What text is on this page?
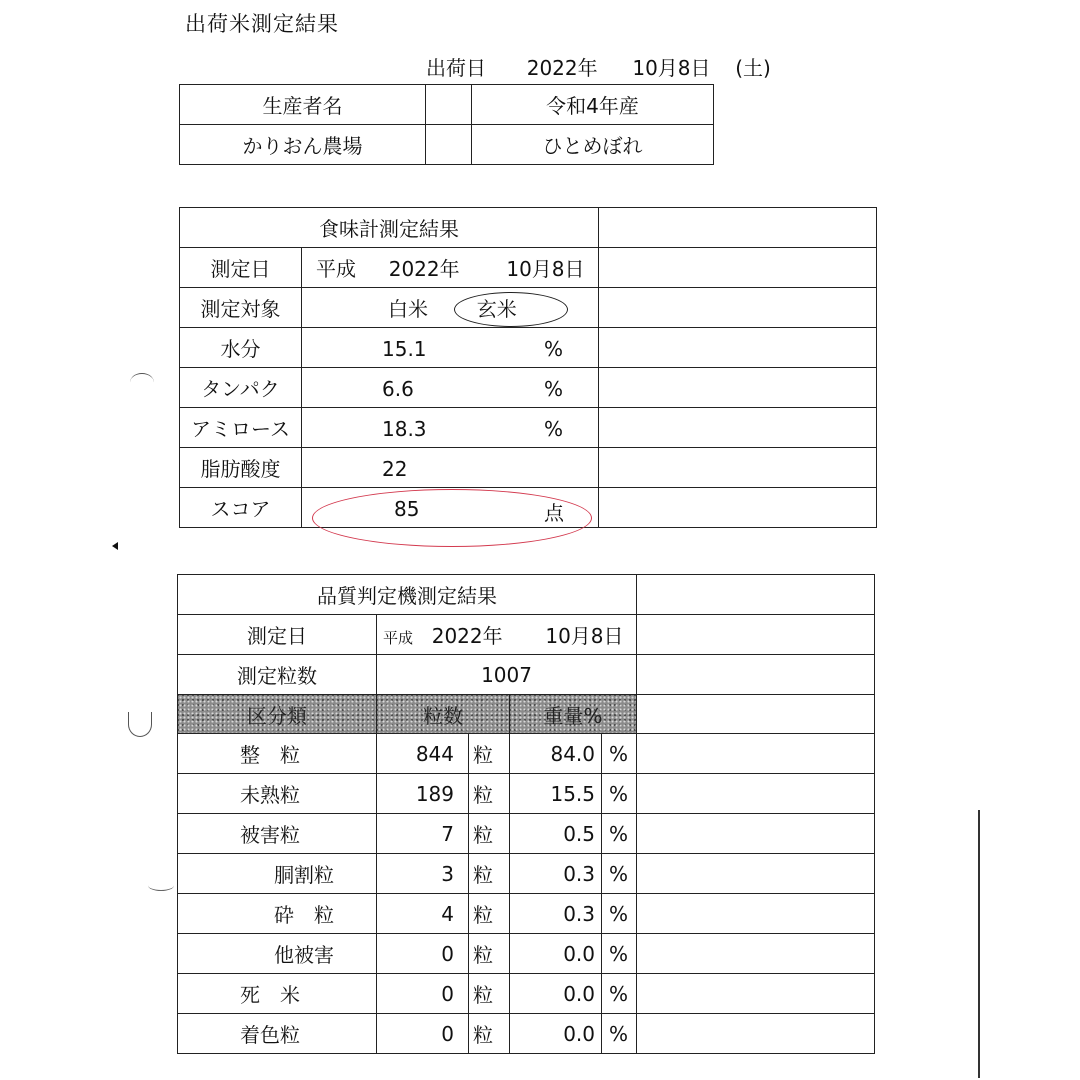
出荷米測定結果
出荷日 2022年 10月8日 (土)
生産者名		令和4年産
かりおん農場		ひとめぼれ
食味計測定結果		
測定日	平成 2022年 10月8日	
測定対象	白米 玄米	
水分	15.1 %	

タンパク	6.6 %	

アミロース	18.3 %	

脂肪酸度	22	

スコア	85 点	

品質判定機測定結果					
測定日	平成 2022年 10月8日				
測定粒数	1007				
区分類	粒数		重量%		
整　粒	844	粒	84.0	%	
未熟粒	189	粒	15.5	%	
被害粒	7	粒	0.5	%	
胴割粒	3	粒	0.3	%	
砕　粒	4	粒	0.3	%	
他被害	0	粒	0.0	%	
死　米	0	粒	0.0	%	
着色粒	0	粒	0.0	%	
